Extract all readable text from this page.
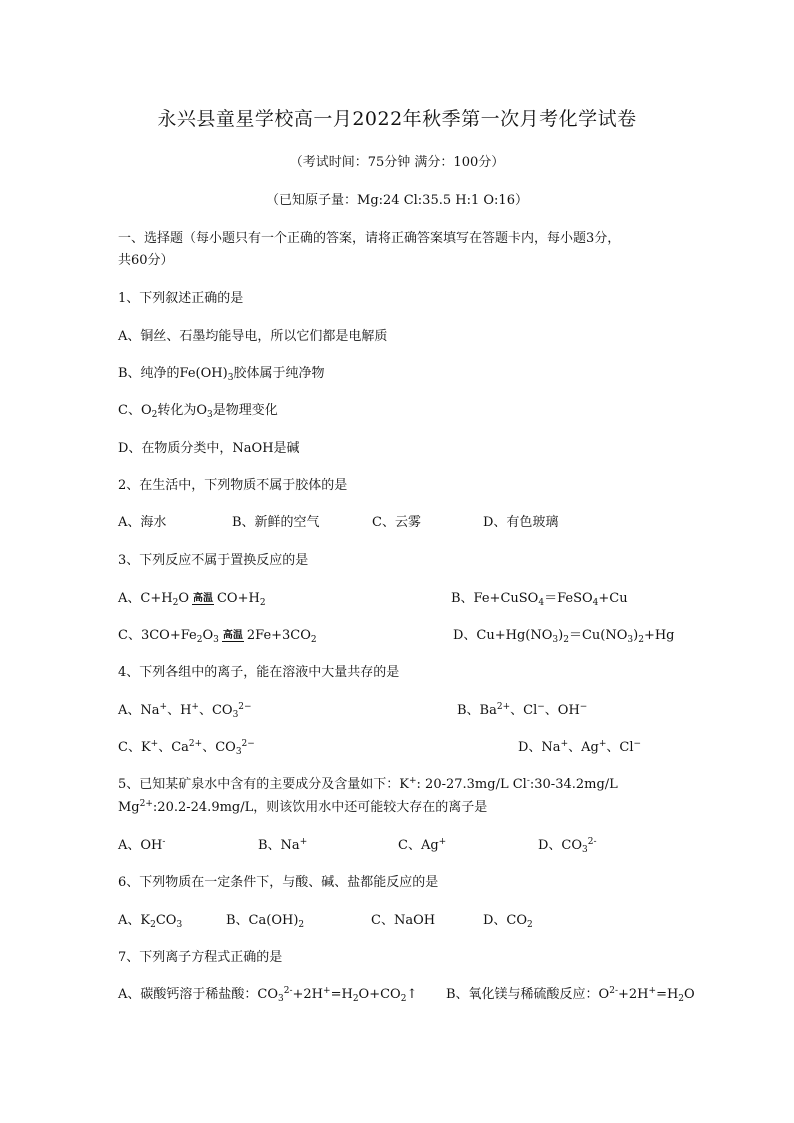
永兴县童星学校高一月2022年秋季第一次月考化学试卷
（考试时间：75分钟 满分：100分）
（已知原子量：Mg:24 Cl:35.5 H:1 O:16）
一、选择题（每小题只有一个正确的答案，请将正确答案填写在答题卡内，每小题3分，
共60分）
1、下列叙述正确的是
A、铜丝、石墨均能导电，所以它们都是电解质
B、纯净的$Fe(OH)_3$胶体属于纯净物
C、$O_2$转化为$O_3$是物理变化
D、在物质分类中，NaOH是碱
2、在生活中，下列物质不属于胶体的是
A、海水	B、新鲜的空气	C、云雾	D、有色玻璃
3、下列反应不属于置换反应的是
A、$C+H_2O$ 高温 $CO+H_2$	B、Fe+CuSO$_4$＝FeSO$_4$+Cu
C、$3CO+Fe_2O_3$ 高温 $2Fe+3CO_2$	D、$Cu+Hg(NO_3)_2=Cu(NO_3)_2+Hg$
4、下列各组中的离子，能在溶液中大量共存的是
A、Na+、H+、$CO_3^{2-}$	B、$Ba^{2+}$、Cl−、OH−
C、K+、$Ca^{2+}$、$CO_3^{2-}$	D、Na+、Ag+、Cl−
5、已知某矿泉水中含有的主要成分及含量如下：K+: 20-27.3mg/L Cl-:30-34.2mg/L
$Mg^{2+}:20.2-24.9mg/L$，则该饮用水中还可能较大存在的离子是
A、OH-	B、Na+	C、Ag+	D、$CO_3^{2-}$
6、下列物质在一定条件下，与酸、碱、盐都能反应的是
A、$K_2CO_3$	B、$Ca(OH)_2$	C、NaOH	D、$CO_2$
7、下列离子方程式正确的是
A、碳酸钙溶于稀盐酸：$CO_3^{2-}+2H^+=H_2O+CO_2↑$ B、氧化镁与稀硫酸反应：$O^{2-}+2H^+=H_2O$
